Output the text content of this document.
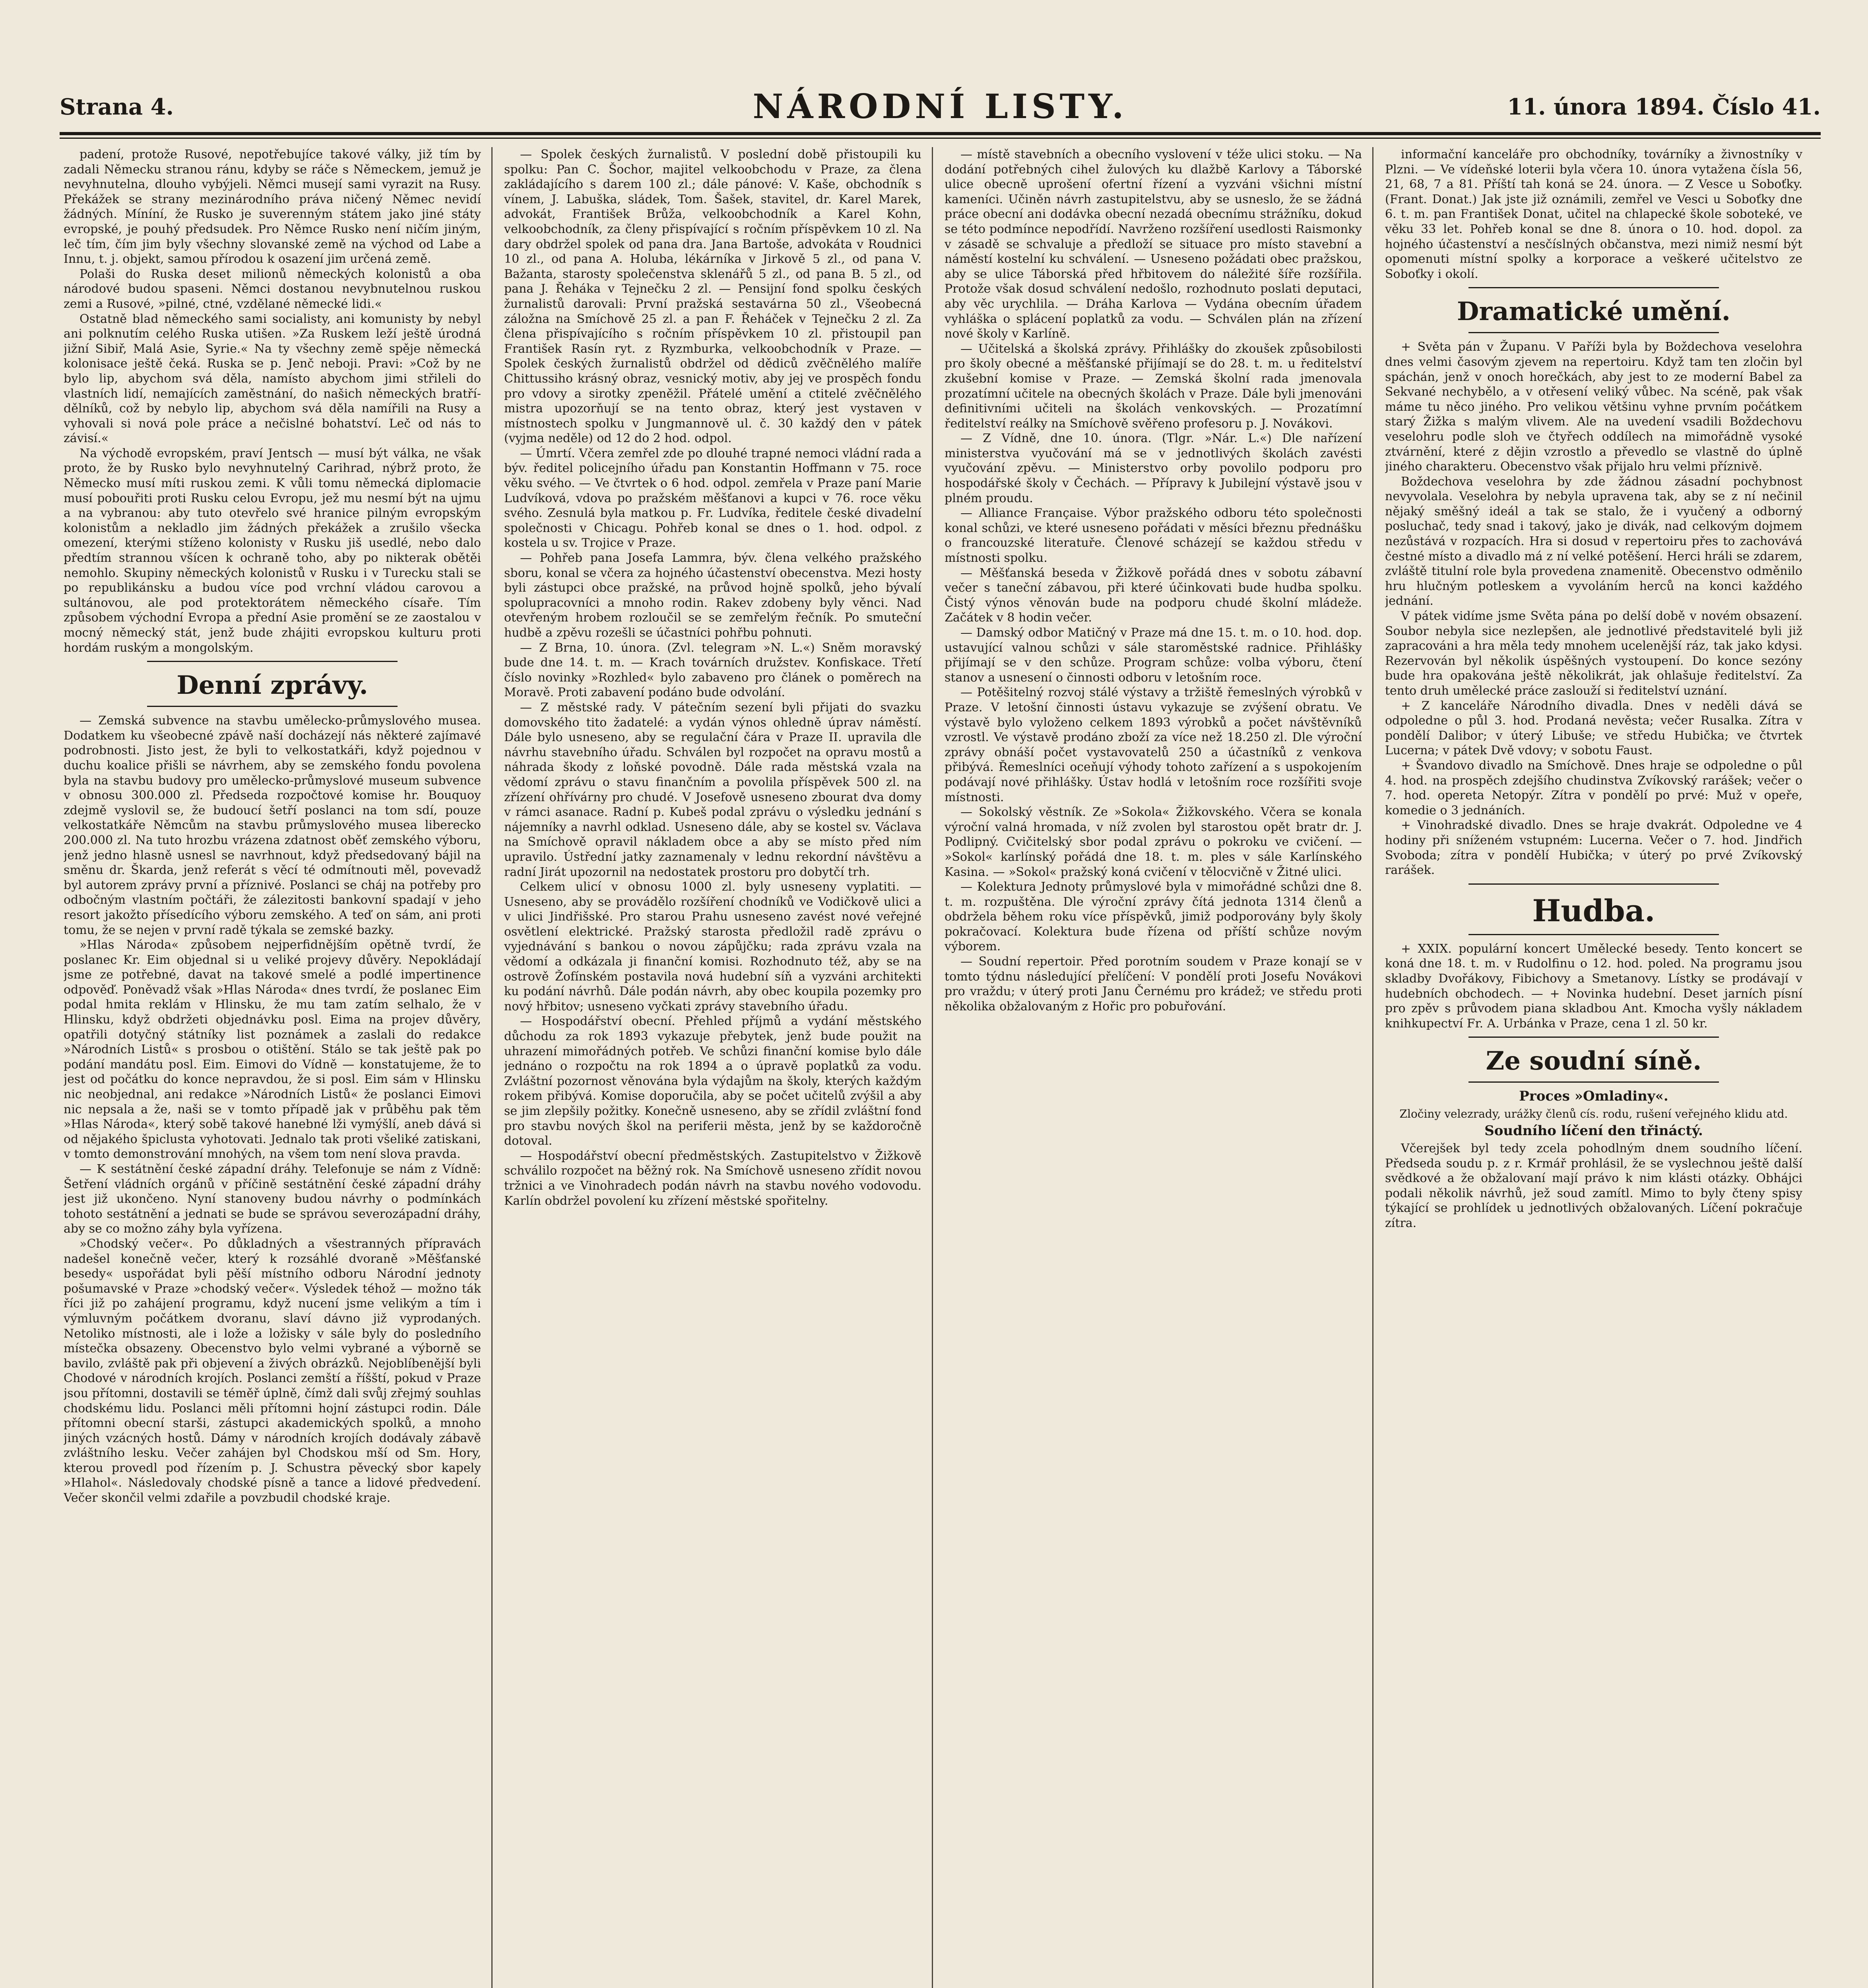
Strana 4.	NÁRODNÍ LISTY.	11. února 1894. Číslo 41.

padení, protože Rusové, nepotřebujíce takové války, již tím by zadali Německu stranou ránu, kdyby se ráče s Německem, jemuž je nevyhnutelna, dlouho vybýjeli. Němci musejí sami vyrazit na Rusy. Překážek se strany mezinárodního práva ničený Němec nevidí žádných. Míníní, že Rusko je suverenným státem jako jiné státy evropské, je pouhý předsudek. Pro Němce Rusko není ničím jiným, leč tím, čím jim byly všechny slovanské země na východ od Labe a Innu, t. j. objekt, samou přírodou k osazení jim určená země.

Polaši do Ruska deset milionů německých kolonistů a oba národové budou spaseni. Němci dostanou nevybnutelnou ruskou zemi a Rusové, »pilné, ctné, vzdělané německé lidi.«

Ostatně blad německého sami socialisty, ani komunisty by nebyl ani polknutím celého Ruska utišen. »Za Ruskem leží ještě úrodná jižní Sibiř, Malá Asie, Syrie.« Na ty všechny země spěje německá kolonisace ještě čeká. Ruska se p. Jenč neboji. Pravi: »Což by ne bylo lip, abychom svá děla, namísto abychom jimi střileli do vlastních lidí, nemajících zaměstnání, do našich německých bratří-dělníků, což by nebylo lip, abychom svá děla namířili na Rusy a vyhovali si nová pole práce a nečislné bohatství. Leč od nás to závisí.«

Na východě evropském, praví Jentsch — musí být válka, ne však proto, že by Rusko bylo nevyhnutelný Carihrad, nýbrž proto, že Německo musí míti ruskou zemi. K vůli tomu německá diplomacie musí pobouřiti proti Rusku celou Evropu, jež mu nesmí být na ujmu a na vybranou: aby tuto otevřelo své hranice pilným evropským kolonistům a nekladlo jim žádných překážek a zrušilo všecka omezení, kterými stíženo kolonisty v Rusku jiš usedlé, nebo dalo předtím strannou všícen k ochraně toho, aby po nikterak obětěi nemohlo. Skupiny německých kolonistů v Rusku i v Turecku stali se po republikánsku a budou více pod vrchní vládou carovou a sultánovou, ale pod protektorátem německého císaře. Tím způsobem východní Evropa a přední Asie promění se ze zaostalou v mocný německý stát, jenž bude zhájiti evropskou kulturu proti hordám ruským a mongolským.

Denní zprávy.

— Zemská subvence na stavbu umělecko-průmyslového musea. Dodatkem ku všeobecné zpávě naší docházejí nás některé zajímavé podrobnosti. Jisto jest, že byli to velkostatkáři, když pojednou v duchu koalice přišli se návrhem, aby se zemského fondu povolena byla na stavbu budovy pro umělecko-průmyslové museum subvence v obnosu 300.000 zl. Předseda rozpočtové komise hr. Bouquoy zdejmě vyslovil se, že budoucí šetří poslanci na tom sdí, pouze velkostatkáře Němcům na stavbu průmyslového musea liberecko 200.000 zl. Na tuto hrozbu vrázena zdatnost oběť zemského výboru, jenž jedno hlasně usnesl se navrhnout, když předsedovaný bájil na směnu dr. Škarda, jenž referát s věcí té odmítnouti měl, povevadž byl autorem zprávy první a příznivé. Poslanci se cháj na potřeby pro odbočným vlastním počtáři, že zálezitosti bankovní spadají v jeho resort jakožto přísedícího výboru zemského. A teď on sám, ani proti tomu, že se nejen v první radě týkala se zemské bazky.

»Hlas Národa« způsobem nejperfidnějším opětně tvrdí, že poslanec Kr. Eim objednal si u veliké projevy důvěry. Nepokládají jsme ze potřebné, davat na takové smelé a podlé impertinence odpověď. Poněvadž však »Hlas Národa« dnes tvrdí, že poslanec Eim podal hmita reklám v Hlinsku, že mu tam zatím selhalo, že v Hlinsku, když obdržeti objednávku posl. Eima na projev důvěry, opatřili dotyčný státníky list poznámek a zaslali do redakce »Národních Listů« s prosbou o otištění. Stálo se tak ještě pak po podání mandátu posl. Eim. Eimovi do Vídně — konstatujeme, že to jest od počátku do konce nepravdou, že si posl. Eim sám v Hlinsku nic neobjednal, ani redakce »Národních Listů« že poslanci Eimovi nic nepsala a že, naši se v tomto případě jak v průběhu pak těm »Hlas Národa«, který sobě takové hanebné lži vymýšlí, aneb dává si od nějakého špiclusta vyhotovati. Jednalo tak proti všeliké zatiskani, v tomto demonstrování mnohých, na všem tom není slova pravda.

— K sestátnění české západní dráhy. Telefonuje se nám z Vídně: Šetření vládních orgánů v příčině sestátnění české západní dráhy jest již ukončeno. Nyní stanoveny budou návrhy o podmínkách tohoto sestátnění a jednati se bude se správou severozápadní dráhy, aby se co možno záhy byla vyřízena.

»Chodský večer«. Po důkladných a všestranných přípravách nadešel konečně večer, který k rozsáhlé dvoraně »Měšťanské besedy« uspořádat byli pěší místního odboru Národní jednoty pošumavské v Praze »chodský večer«. Výsledek téhož — možno ták říci již po zahájení programu, když nucení jsme velikým a tím i výmluvným počátkem dvoranu, slaví dávno již vyprodaných. Netoliko místnosti, ale i lože a ložisky v sále byly do posledního místečka obsazeny. Obecenstvo bylo velmi vybrané a výborně se bavilo, zvláště pak při objevení a živých obrázků. Nejoblíbenější byli Chodové v národních krojích. Poslanci zemští a říšští, pokud v Praze jsou přítomni, dostavili se téměř úplně, čímž dali svůj zřejmý souhlas chodskému lidu. Poslanci měli přítomni hojní zástupci rodin. Dále přítomni obecní starši, zástupci akademických spolků, a mnoho jiných vzácných hostů. Dámy v národních krojích dodávaly zábavě zvláštního lesku. Večer zahájen byl Chodskou mší od Sm. Hory, kterou provedl pod řízením p. J. Schustra pěvecký sbor kapely »Hlahol«. Následovaly chodské písně a tance a lidové předvedení. Večer skončil velmi zdařile a povzbudil chodské kraje.

— Spolek českých žurnalistů. V poslední době přistoupili ku spolku: Pan C. Šochor, majitel velkoobchodu v Praze, za člena zakládajícího s darem 100 zl.; dále pánové: V. Kaše, obchodník s vínem, J. Labuška, sládek, Tom. Šašek, stavitel, dr. Karel Marek, advokát, František Brůža, velkoobchodník a Karel Kohn, velkoobchodník, za členy přispívající s ročním příspěvkem 10 zl. Na dary obdržel spolek od pana dra. Jana Bartoše, advokáta v Roudnici 10 zl., od pana A. Holuba, lékárníka v Jirkově 5 zl., od pana V. Bažanta, starosty společenstva sklenářů 5 zl., od pana B. 5 zl., od pana J. Řeháka v Tejnečku 2 zl. — Pensijní fond spolku českých žurnalistů darovali: První pražská sestavárna 50 zl., Všeobecná záložna na Smíchově 25 zl. a pan F. Řeháček v Tejnečku 2 zl. Za člena přispívajícího s ročním příspěvkem 10 zl. přistoupil pan František Rasín ryt. z Ryzmburka, velkoobchodník v Praze. — Spolek českých žurnalistů obdržel od dědiců zvěčnělého malíře Chittussiho krásný obraz, vesnický motiv, aby jej ve prospěch fondu pro vdovy a sirotky zpeněžil. Přátelé umění a ctitelé zvěčnělého mistra upozorňují se na tento obraz, který jest vystaven v místnostech spolku v Jungmannově ul. č. 30 každý den v pátek (vyjma neděle) od 12 do 2 hod. odpol.

— Úmrtí. Včera zemřel zde po dlouhé trapné nemoci vládní rada a býv. ředitel policejního úřadu pan Konstantin Hoffmann v 75. roce věku svého. — Ve čtvrtek o 6 hod. odpol. zemřela v Praze paní Marie Ludvíková, vdova po pražském měšťanovi a kupci v 76. roce věku svého. Zesnulá byla matkou p. Fr. Ludvíka, ředitele české divadelní společnosti v Chicagu. Pohřeb konal se dnes o 1. hod. odpol. z kostela u sv. Trojice v Praze.

— Pohřeb pana Josefa Lammra, býv. člena velkého pražského sboru, konal se včera za hojného účastenství obecenstva. Mezi hosty byli zástupci obce pražské, na průvod hojně spolků, jeho bývalí spolupracovníci a mnoho rodin. Rakev zdobeny byly věnci. Nad otevřeným hrobem rozloučil se se zemřelým řečník. Po smuteční hudbě a zpěvu rozešli se účastníci pohřbu pohnuti.

— Z Brna, 10. února. (Zvl. telegram »N. L.«) Sněm moravský bude dne 14. t. m. — Krach továrních družstev. Konfiskace. Třetí číslo novinky »Rozhled« bylo zabaveno pro článek o poměrech na Moravě. Proti zabavení podáno bude odvolání.

— Z městské rady. V pátečním sezení byli přijati do svazku domovského tito žadatelé: a vydán výnos ohledně úprav náměstí. Dále bylo usneseno, aby se regulační čára v Praze II. upravila dle návrhu stavebního úřadu. Schválen byl rozpočet na opravu mostů a náhrada škody z loňské povodně. Dále rada městská vzala na vědomí zprávu o stavu finančním a povolila příspěvek 500 zl. na zřízení ohřívárny pro chudé. V Josefově usneseno zbourat dva domy v rámci asanace. Radní p. Kubeš podal zprávu o výsledku jednání s nájemníky a navrhl odklad. Usneseno dále, aby se kostel sv. Václava na Smíchově opravil nákladem obce a aby se místo před ním upravilo. Ústřední jatky zaznamenaly v lednu rekordní návštěvu a radní Jirát upozornil na nedostatek prostoru pro dobytčí trh.

Celkem ulicí v obnosu 1000 zl. byly usneseny vyplatiti. — Usneseno, aby se provádělo rozšíření chodníků ve Vodičkově ulici a v ulici Jindřišské. Pro starou Prahu usneseno zavést nové veřejné osvětlení elektrické. Pražský starosta předložil radě zprávu o vyjednávání s bankou o novou zápůjčku; rada zprávu vzala na vědomí a odkázala ji finanční komisi. Rozhodnuto též, aby se na ostrově Žofínském postavila nová hudební síň a vyzváni architekti ku podání návrhů. Dále podán návrh, aby obec koupila pozemky pro nový hřbitov; usneseno vyčkati zprávy stavebního úřadu.

— Hospodářství obecní. Přehled příjmů a vydání městského důchodu za rok 1893 vykazuje přebytek, jenž bude použit na uhrazení mimořádných potřeb. Ve schůzi finanční komise bylo dále jednáno o rozpočtu na rok 1894 a o úpravě poplatků za vodu. Zvláštní pozornost věnována byla výdajům na školy, kterých každým rokem přibývá. Komise doporučila, aby se počet učitelů zvýšil a aby se jim zlepšily požitky. Konečně usneseno, aby se zřídil zvláštní fond pro stavbu nových škol na periferii města, jenž by se každoročně dotoval.

— Hospodářství obecní předměstských. Zastupitelstvo v Žižkově schválilo rozpočet na běžný rok. Na Smíchově usneseno zřídit novou tržnici a ve Vinohradech podán návrh na stavbu nového vodovodu. Karlín obdržel povolení ku zřízení městské spořitelny.

— místě stavebních a obecního vyslovení v téže ulici stoku. — Na dodání potřebných cihel žulových ku dlažbě Karlovy a Táborské ulice obecně uprošení ofertní řízení a vyzváni všichni místní kameníci. Učiněn návrh zastupitelstvu, aby se usneslo, že se žádná práce obecní ani dodávka obecní nezadá obecnímu strážníku, dokud se této podmínce nepodřídí. Navrženo rozšíření usedlosti Raismonky v zásadě se schvaluje a předloží se situace pro místo stavební a náměstí kostelní ku schválení. — Usneseno požádati obec pražskou, aby se ulice Táborská před hřbitovem do náležité šíře rozšířila. Protože však dosud schválení nedošlo, rozhodnuto poslati deputaci, aby věc urychlila. — Dráha Karlova — Vydána obecním úřadem vyhláška o splácení poplatků za vodu. — Schválen plán na zřízení nové školy v Karlíně.

— Učitelská a školská zprávy. Přihlášky do zkoušek způsobilosti pro školy obecné a měšťanské přijímají se do 28. t. m. u ředitelství zkušební komise v Praze. — Zemská školní rada jmenovala prozatímní učitele na obecných školách v Praze. Dále byli jmenováni definitivními učiteli na školách venkovských. — Prozatímní ředitelství reálky na Smíchově svěřeno profesoru p. J. Novákovi.

— Z Vídně, dne 10. února. (Tlgr. »Nár. L.«) Dle nařízení ministerstva vyučování má se v jednotlivých školách zavésti vyučování zpěvu. — Ministerstvo orby povolilo podporu pro hospodářské školy v Čechách. — Přípravy k Jubilejní výstavě jsou v plném proudu.

— Alliance Française. Výbor pražského odboru této společnosti konal schůzi, ve které usneseno pořádati v měsíci březnu přednášku o francouzské literatuře. Členové scházejí se každou středu v místnosti spolku.

— Měšťanská beseda v Žižkově pořádá dnes v sobotu zábavní večer s taneční zábavou, při které účinkovati bude hudba spolku. Čistý výnos věnován bude na podporu chudé školní mládeže. Začátek v 8 hodin večer.

— Damský odbor Matičný v Praze má dne 15. t. m. o 10. hod. dop. ustavující valnou schůzi v sále staroměstské radnice. Přihlášky přijímají se v den schůze. Program schůze: volba výboru, čtení stanov a usnesení o činnosti odboru v letošním roce.

— Potěšitelný rozvoj stálé výstavy a tržiště řemeslných výrobků v Praze. V letošní činnosti ústavu vykazuje se zvýšení obratu. Ve výstavě bylo vyloženo celkem 1893 výrobků a počet návštěvníků vzrostl. Ve výstavě prodáno zboží za více než 18.250 zl. Dle výroční zprávy obnáší počet vystavovatelů 250 a účastníků z venkova přibývá. Řemeslníci oceňují výhody tohoto zařízení a s uspokojením podávají nové přihlášky. Ústav hodlá v letošním roce rozšířiti svoje místnosti.

— Sokolský věstník. Ze »Sokola« Žižkovského. Včera se konala výroční valná hromada, v níž zvolen byl starostou opět bratr dr. J. Podlipný. Cvičitelský sbor podal zprávu o pokroku ve cvičení. — »Sokol« karlínský pořádá dne 18. t. m. ples v sále Karlínského Kasina. — »Sokol« pražský koná cvičení v tělocvičně v Žitné ulici.

— Kolektura Jednoty průmyslové byla v mimořádné schůzi dne 8. t. m. rozpuštěna. Dle výroční zprávy čítá jednota 1314 členů a obdržela během roku více příspěvků, jimiž podporovány byly školy pokračovací. Kolektura bude řízena od příští schůze novým výborem.

— Soudní repertoir. Před porotním soudem v Praze konají se v tomto týdnu následující přelíčení: V pondělí proti Josefu Novákovi pro vraždu; v úterý proti Janu Černému pro krádež; ve středu proti několika obžalovaným z Hořic pro pobuřování.

informační kanceláře pro obchodníky, továrníky a živnostníky v Plzni. — Ve vídeňské loterii byla včera 10. února vytažena čísla 56, 21, 68, 7 a 81. Příští tah koná se 24. února. — Z Vesce u Soboťky. (Frant. Donat.) Jak jste již oznámili, zemřel ve Vesci u Soboťky dne 6. t. m. pan František Donat, učitel na chlapecké škole soboteké, ve věku 33 let. Pohřeb konal se dne 8. února o 10. hod. dopol. za hojného účastenství a nesčíslných občanstva, mezi nimiž nesmí být opomenuti místní spolky a korporace a veškeré učitelstvo ze Soboťky i okolí.

Dramatické umění.

+ Světa pán v Županu. V Paříži byla by Boždechova veselohra dnes velmi časovým zjevem na repertoiru. Když tam ten zločin byl spáchán, jenž v onoch horečkách, aby jest to ze moderní Babel za Sekvané nechybělo, a v otřesení veliký vůbec. Na scéně, pak však máme tu něco jiného. Pro velikou většinu vyhne prvním počátkem starý Žižka s malým vlivem. Ale na uvedení vsadili Boždechovu veselohru podle sloh ve čtyřech oddílech na mimořádně vysoké ztvárnění, které z dějin vzrostlo a převedlo se vlastně do úplně jiného charakteru. Obecenstvo však přijalo hru velmi příznivě.

Boždechova veselohra by zde žádnou zásadní pochybnost nevyvolala. Veselohra by nebyla upravena tak, aby se z ní nečinil nějaký směšný ideál a tak se stalo, že i vyučený a odborný posluchač, tedy snad i takový, jako je divák, nad celkovým dojmem nezůstává v rozpacích. Hra si dosud v repertoiru přes to zachovává čestné místo a divadlo má z ní velké potěšení. Herci hráli se zdarem, zvláště titulní role byla provedena znamenitě. Obecenstvo odměnilo hru hlučným potleskem a vyvoláním herců na konci každého jednání.

V pátek vidíme jsme Světa pána po delší době v novém obsazení. Soubor nebyla sice nezlepšen, ale jednotlivé představitelé byli již zapracováni a hra měla tedy mnohem ucelenější ráz, tak jako kdysi. Rezervován byl několik úspěšných vystoupení. Do konce sezóny bude hra opakována ještě několikrát, jak ohlašuje ředitelství. Za tento druh umělecké práce zaslouží si ředitelství uznání.

+ Z kanceláře Národního divadla. Dnes v neděli dává se odpoledne o půl 3. hod. Prodaná nevěsta; večer Rusalka. Zítra v pondělí Dalibor; v úterý Libuše; ve středu Hubička; ve čtvrtek Lucerna; v pátek Dvě vdovy; v sobotu Faust.

+ Švandovo divadlo na Smíchově. Dnes hraje se odpoledne o půl 4. hod. na prospěch zdejšího chudinstva Zvíkovský rarášek; večer o 7. hod. opereta Netopýr. Zítra v pondělí po prvé: Muž v opeře, komedie o 3 jednáních.

+ Vinohradské divadlo. Dnes se hraje dvakrát. Odpoledne ve 4 hodiny při sníženém vstupném: Lucerna. Večer o 7. hod. Jindřich Svoboda; zítra v pondělí Hubička; v úterý po prvé Zvíkovský rarášek.

Hudba.

+ XXIX. populární koncert Umělecké besedy. Tento koncert se koná dne 18. t. m. v Rudolfinu o 12. hod. poled. Na programu jsou skladby Dvořákovy, Fibichovy a Smetanovy. Lístky se prodávají v hudebních obchodech. — + Novinka hudební. Deset jarních písní pro zpěv s průvodem piana skladbou Ant. Kmocha vyšly nákladem knihkupectví Fr. A. Urbánka v Praze, cena 1 zl. 50 kr.

Ze soudní síně.
Proces »Omladiny«.
Zločiny velezrady, urážky členů cís. rodu, rušení veřejného klidu atd.
Soudního líčení den třináctý.

Včerejšek byl tedy zcela pohodlným dnem soudního líčení. Předseda soudu p. z r. Krmář prohlásil, že se vyslechnou ještě další svědkové a že obžalovaní mají právo k nim klásti otázky. Obhájci podali několik návrhů, jež soud zamítl. Mimo to byly čteny spisy týkající se prohlídek u jednotlivých obžalovaných. Líčení pokračuje zítra.
